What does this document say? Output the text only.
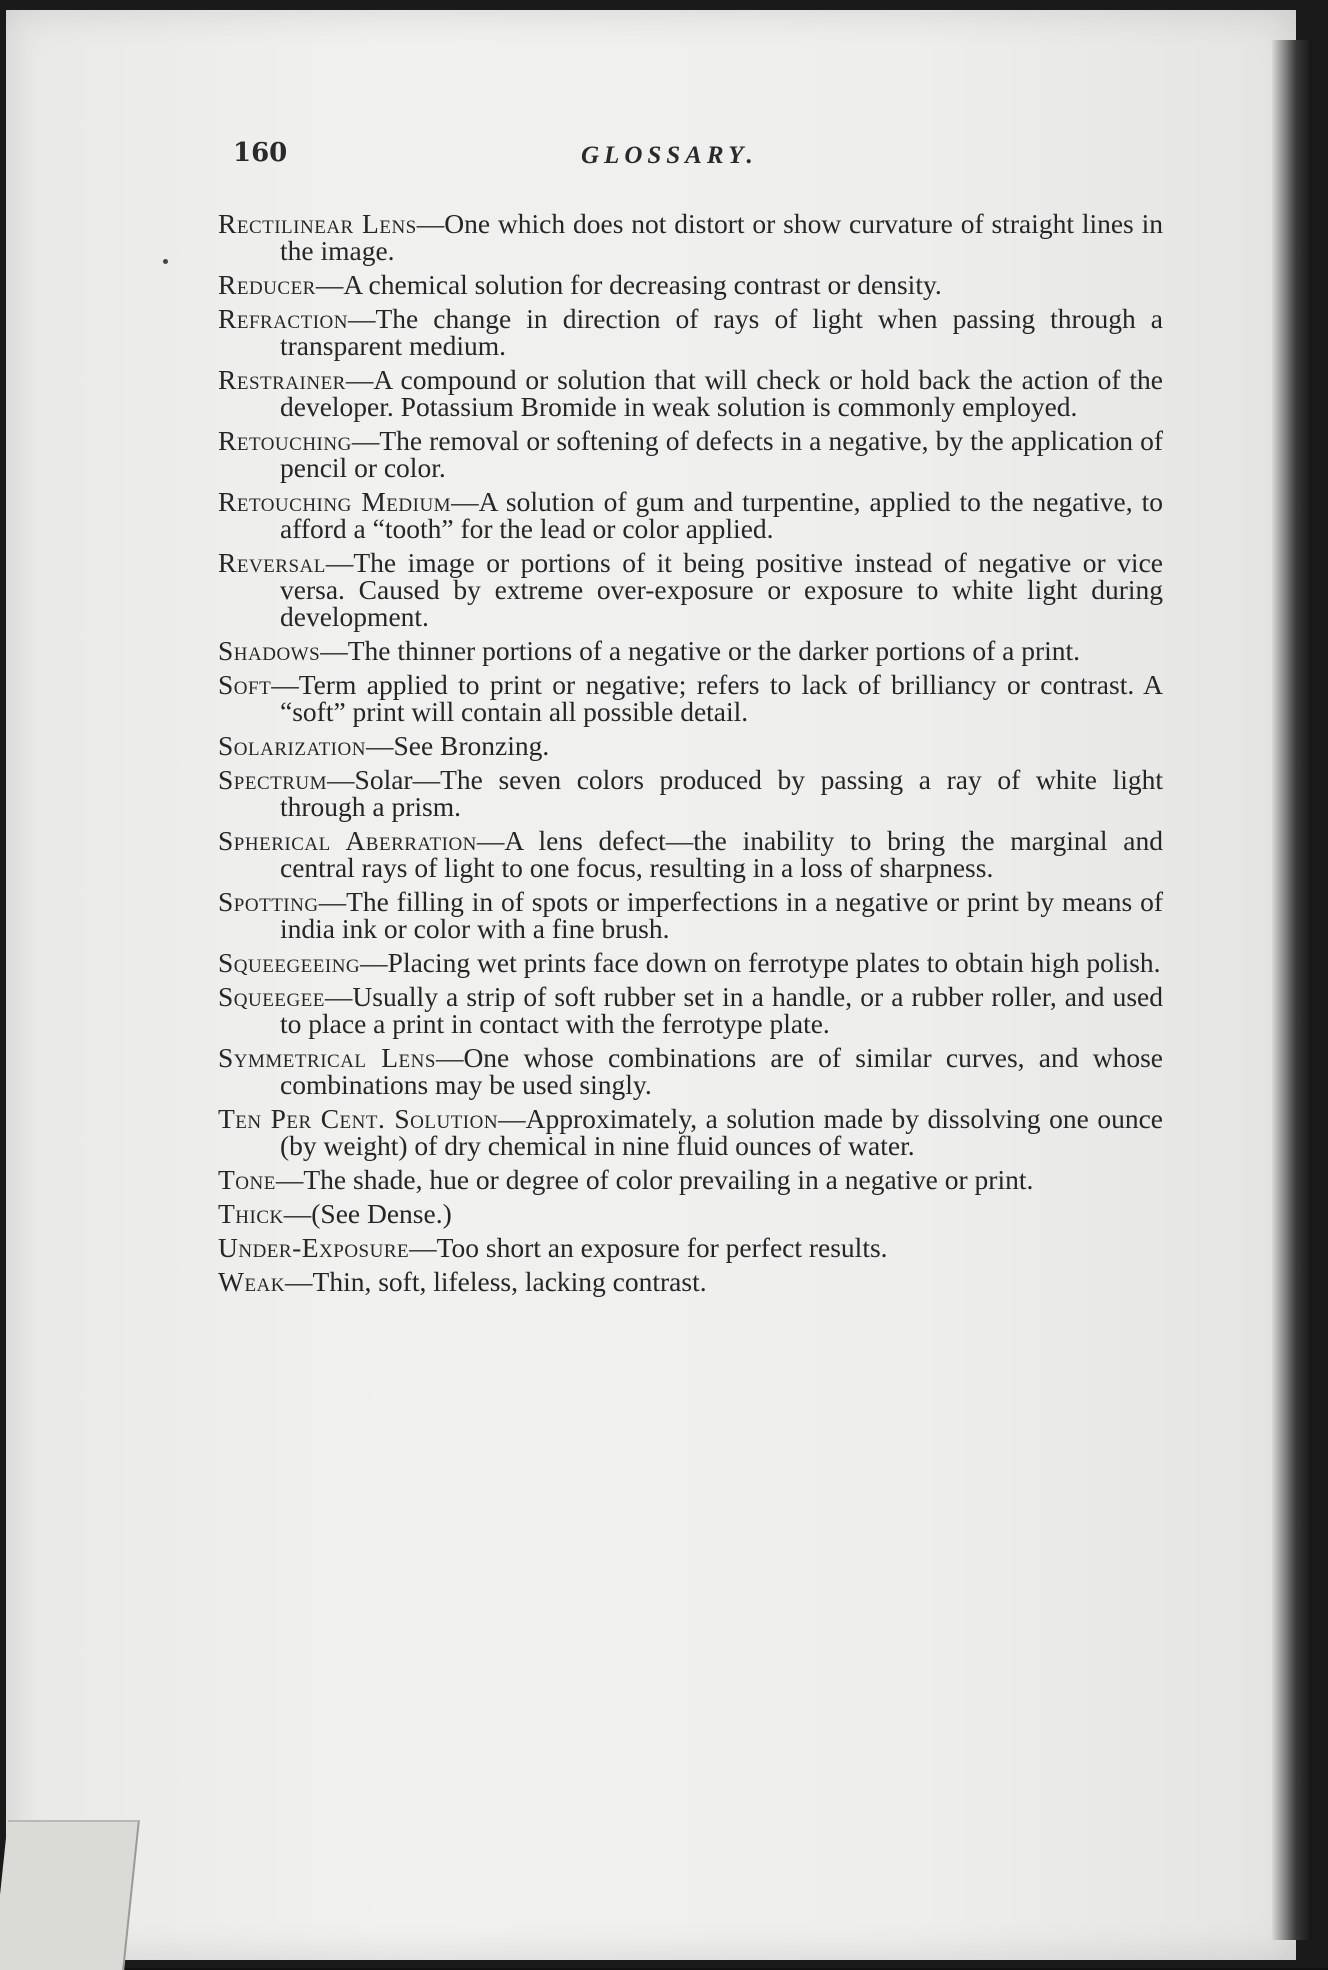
160	GLOSSARY.
Rectilinear Lens—One which does not distort or show curvature of straight lines in the image.
Reducer—A chemical solution for decreasing contrast or density.
Refraction—The change in direction of rays of light when passing through a transparent medium.
Restrainer—A compound or solution that will check or hold back the action of the developer. Potassium Bromide in weak solution is commonly employed.
Retouching—The removal or softening of defects in a negative, by the application of pencil or color.
Retouching Medium—A solution of gum and turpentine, applied to the negative, to afford a “tooth” for the lead or color applied.
Reversal—The image or portions of it being positive instead of negative or vice versa. Caused by extreme over-exposure or exposure to white light during development.
Shadows—The thinner portions of a negative or the darker portions of a print.
Soft—Term applied to print or negative; refers to lack of brilliancy or contrast. A “soft” print will contain all possible detail.
Solarization—See Bronzing.
Spectrum—Solar—The seven colors produced by passing a ray of white light through a prism.
Spherical Aberration—A lens defect—the inability to bring the marginal and central rays of light to one focus, resulting in a loss of sharpness.
Spotting—The filling in of spots or imperfections in a negative or print by means of india ink or color with a fine brush.
Squeegeeing—Placing wet prints face down on ferrotype plates to obtain high polish.
Squeegee—Usually a strip of soft rubber set in a handle, or a rubber roller, and used to place a print in contact with the ferrotype plate.
Symmetrical Lens—One whose combinations are of similar curves, and whose combinations may be used singly.
Ten Per Cent. Solution—Approximately, a solution made by dissolving one ounce (by weight) of dry chemical in nine fluid ounces of water.
Tone—The shade, hue or degree of color prevailing in a negative or print.
Thick—(See Dense.)
Under-Exposure—Too short an exposure for perfect results.
Weak—Thin, soft, lifeless, lacking contrast.
